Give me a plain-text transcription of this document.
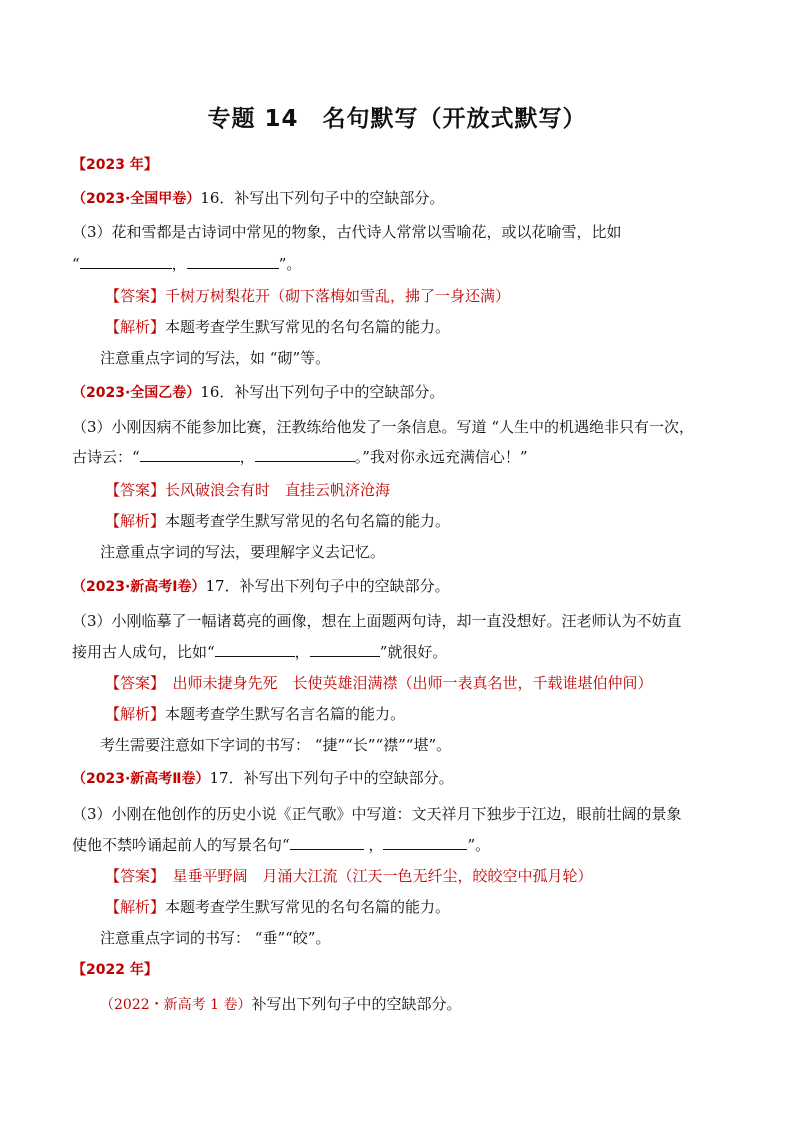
专题 14　名句默写（开放式默写）
【2023 年】
（2023·全国甲卷）16．补写出下列句子中的空缺部分。
（3）花和雪都是古诗词中常见的物象，古代诗人常常以雪喻花，或以花喻雪，比如
“	，	”。
【答案】千树万树梨花开（砌下落梅如雪乱，拂了一身还满）
【解析】本题考查学生默写常见的名句名篇的能力。
注意重点字词的写法，如 “砌”等。
（2023·全国乙卷）16．补写出下列句子中的空缺部分。
（3）小刚因病不能参加比赛，汪教练给他发了一条信息。写道 “人生中的机遇绝非只有一次，
古诗云：“	，	。”我对你永远充满信心！”
【答案】长风破浪会有时　直挂云帆济沧海
【解析】本题考查学生默写常见的名句名篇的能力。
注意重点字词的写法，要理解字义去记忆。
（2023·新高考Ⅰ卷）17．补写出下列句子中的空缺部分。
（3）小刚临摹了一幅诸葛亮的画像，想在上面题两句诗，却一直没想好。汪老师认为不妨直
接用古人成句，比如“	，	”就很好。
【答案】　出师未捷身先死　长使英雄泪满襟（出师一表真名世，千载谁堪伯仲间）
【解析】本题考查学生默写名言名篇的能力。
考生需要注意如下字词的书写： “捷”“长”“襟”“堪”。
（2023·新高考Ⅱ卷）17．补写出下列句子中的空缺部分。
（3）小刚在他创作的历史小说《正气歌》中写道：文天祥月下独步于江边，眼前壮阔的景象
使他不禁吟诵起前人的写景名句“	，	”。
【答案】　星垂平野阔　月涌大江流（江天一色无纤尘，皎皎空中孤月轮）
【解析】本题考查学生默写常见的名句名篇的能力。
注意重点字词的书写： “垂”“皎”。
【2022 年】
（2022・新高考 1 卷）补写出下列句子中的空缺部分。
